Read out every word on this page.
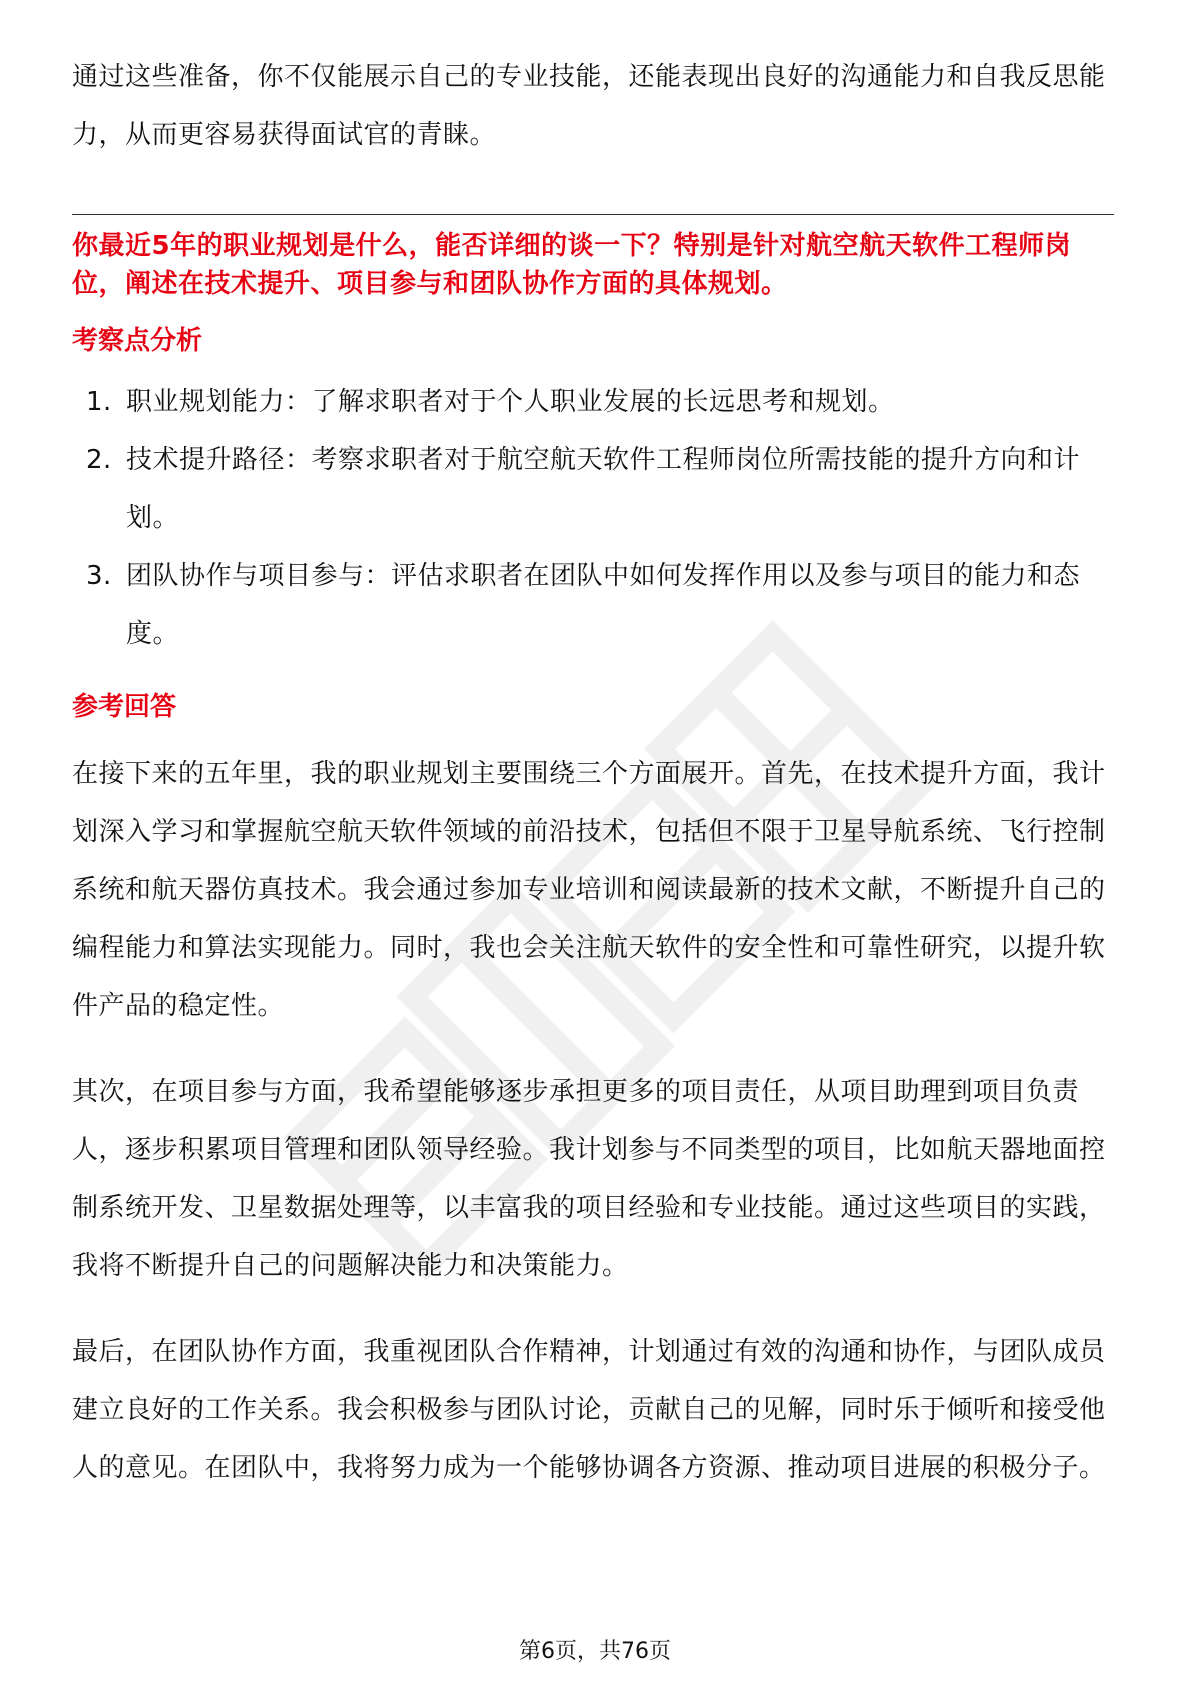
通过这些准备，你不仅能展示自己的专业技能，还能表现出良好的沟通能力和自我反思能力，从而更容易获得面试官的青睐。

你最近5年的职业规划是什么，能否详细的谈一下？特别是针对航空航天软件工程师岗位，阐述在技术提升、项目参与和团队协作方面的具体规划。

考察点分析
1. 职业规划能力：了解求职者对于个人职业发展的长远思考和规划。
2. 技术提升路径：考察求职者对于航空航天软件工程师岗位所需技能的提升方向和计划。
3. 团队协作与项目参与：评估求职者在团队中如何发挥作用以及参与项目的能力和态度。
参考回答

在接下来的五年里，我的职业规划主要围绕三个方面展开。首先，在技术提升方面，我计划深入学习和掌握航空航天软件领域的前沿技术，包括但不限于卫星导航系统、飞行控制系统和航天器仿真技术。我会通过参加专业培训和阅读最新的技术文献，不断提升自己的编程能力和算法实现能力。同时，我也会关注航天软件的安全性和可靠性研究，以提升软件产品的稳定性。

其次，在项目参与方面，我希望能够逐步承担更多的项目责任，从项目助理到项目负责人，逐步积累项目管理和团队领导经验。我计划参与不同类型的项目，比如航天器地面控制系统开发、卫星数据处理等，以丰富我的项目经验和专业技能。通过这些项目的实践，我将不断提升自己的问题解决能力和决策能力。

最后，在团队协作方面，我重视团队合作精神，计划通过有效的沟通和协作，与团队成员建立良好的工作关系。我会积极参与团队讨论，贡献自己的见解，同时乐于倾听和接受他人的意见。在团队中，我将努力成为一个能够协调各方资源、推动项目进展的积极分子。

第6页，共76页
